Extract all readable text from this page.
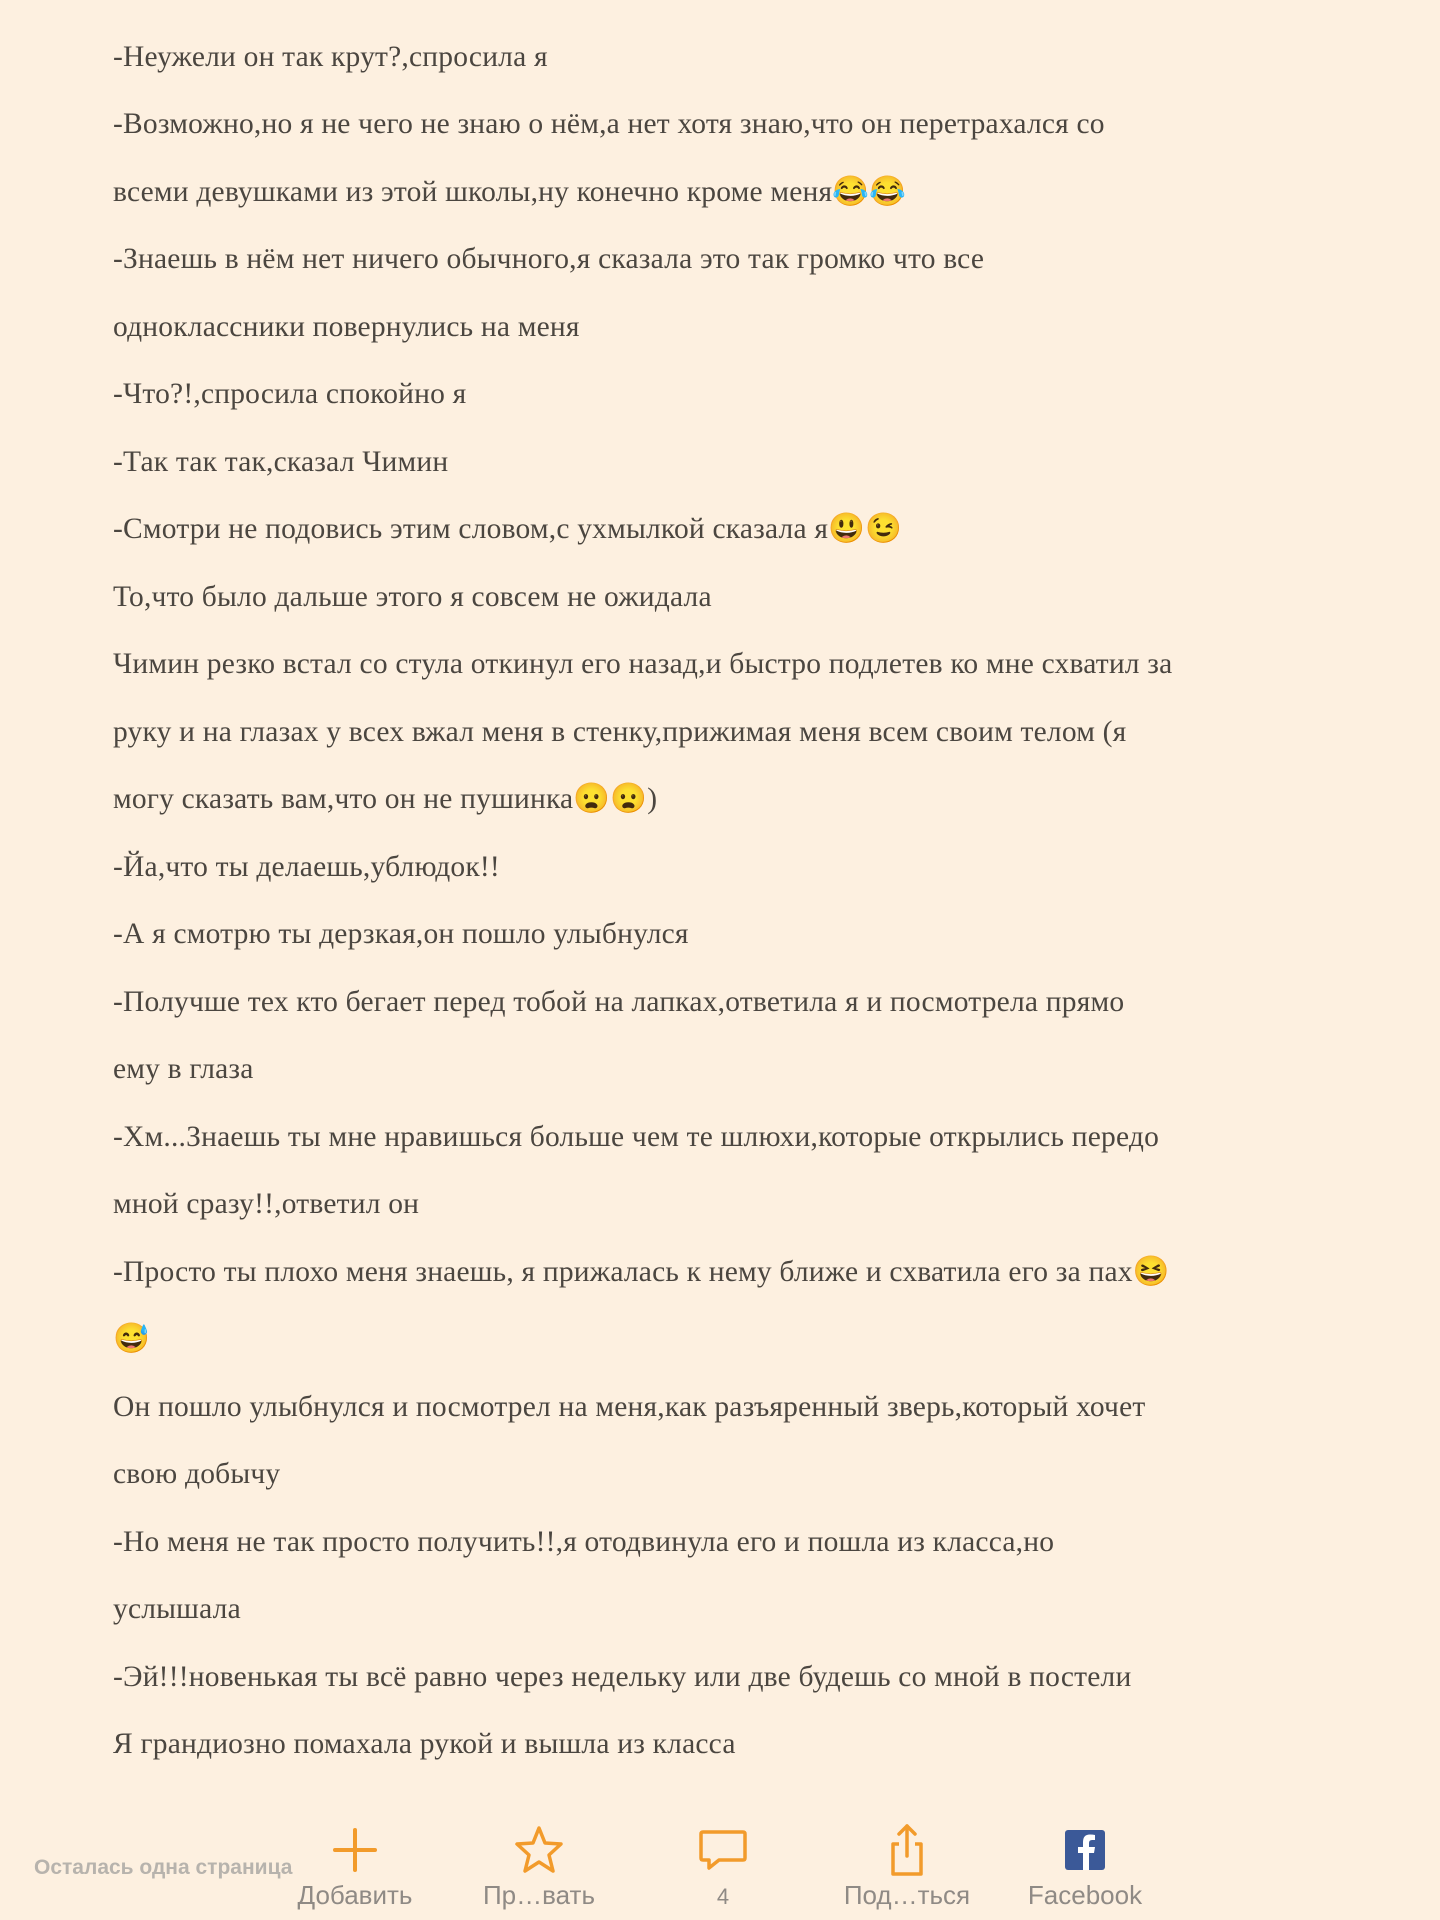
-Неужели он так крут?,спросила я
-Возможно,но я не чего не знаю о нём,а нет хотя знаю,что он перетрахался со
всеми девушками из этой школы,ну конечно кроме меня😂😂
-Знаешь в нём нет ничего обычного,я сказала это так громко что все
одноклассники повернулись на меня
-Что?!,спросила спокойно я
-Так так так,сказал Чимин
-Смотри не подовись этим словом,с ухмылкой сказала я😃😉
То,что было дальше этого я совсем не ожидала
Чимин резко встал со стула откинул его назад,и быстро подлетев ко мне схватил за
руку и на глазах у всех вжал меня в стенку,прижимая меня всем своим телом (я
могу сказать вам,что он не пушинка😦😦)
-Йа,что ты делаешь,ублюдок!!
-А я смотрю ты дерзкая,он пошло улыбнулся
-Получше тех кто бегает перед тобой на лапках,ответила я и посмотрела прямо
ему в глаза
-Хм...Знаешь ты мне нравишься больше чем те шлюхи,которые открылись передо
мной сразу!!,ответил он
-Просто ты плохо меня знаешь, я прижалась к нему ближе и схватила его за пах😆
😅
Он пошло улыбнулся и посмотрел на меня,как разъяренный зверь,который хочет
свою добычу
-Но меня не так просто получить!!,я отодвинула его и пошла из класса,но
услышала
-Эй!!!новенькая ты всё равно через недельку или две будешь со мной в постели
Я грандиозно помахала рукой и вышла из класса
Осталась одна страница
Добавить	Пр…вать	4	Под…ться	Facebook
